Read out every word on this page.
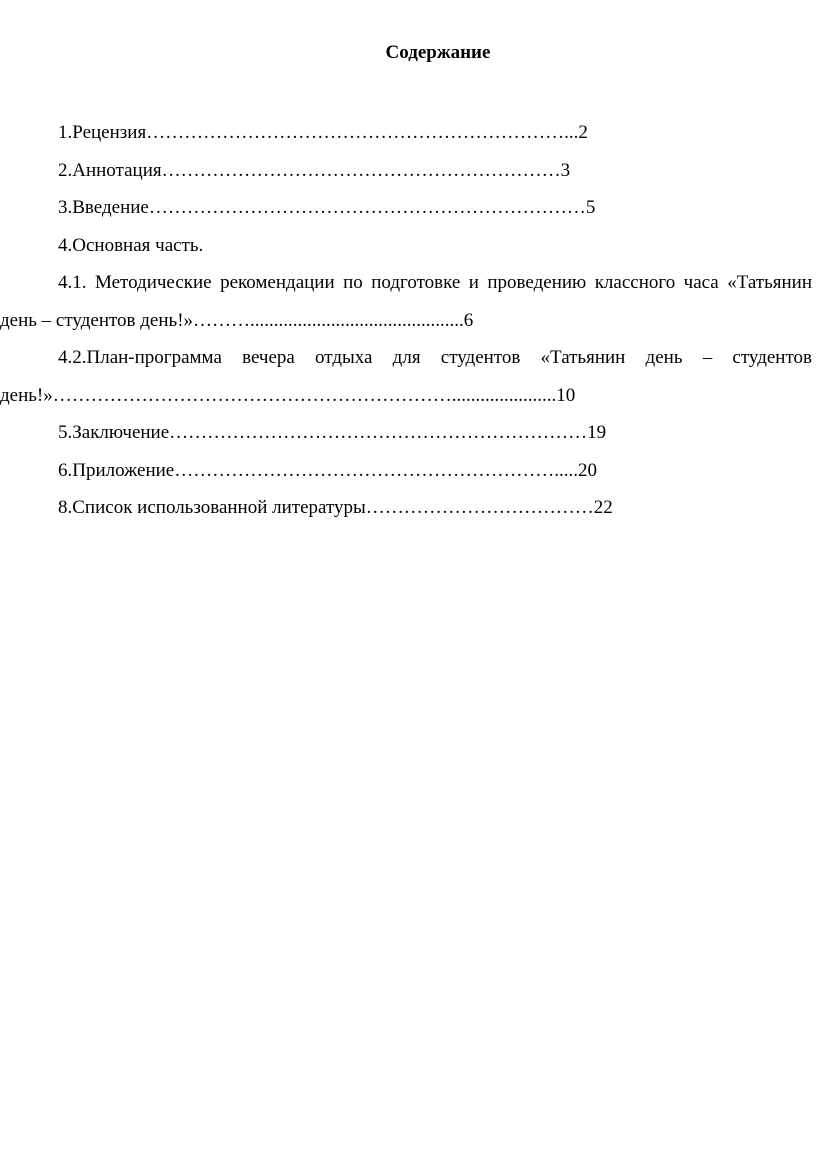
Содержание

1.Рецензия…………………………………………………………...2

2.Аннотация………………………………………………………3

3.Введение……………………………………………………………5

4.Основная часть.

4.1. Методические рекомендации по подготовке и проведению классного часа «Татьянин день – студентов день!»……….............................................6

4.2.План-программа вечера отдыха для студентов «Татьянин день – студентов день!»………………………………………………………......................10

5.Заключение…………………………………………………………19

6.Приложение…………………………………………………….....20

8.Список использованной литературы………………………………22
